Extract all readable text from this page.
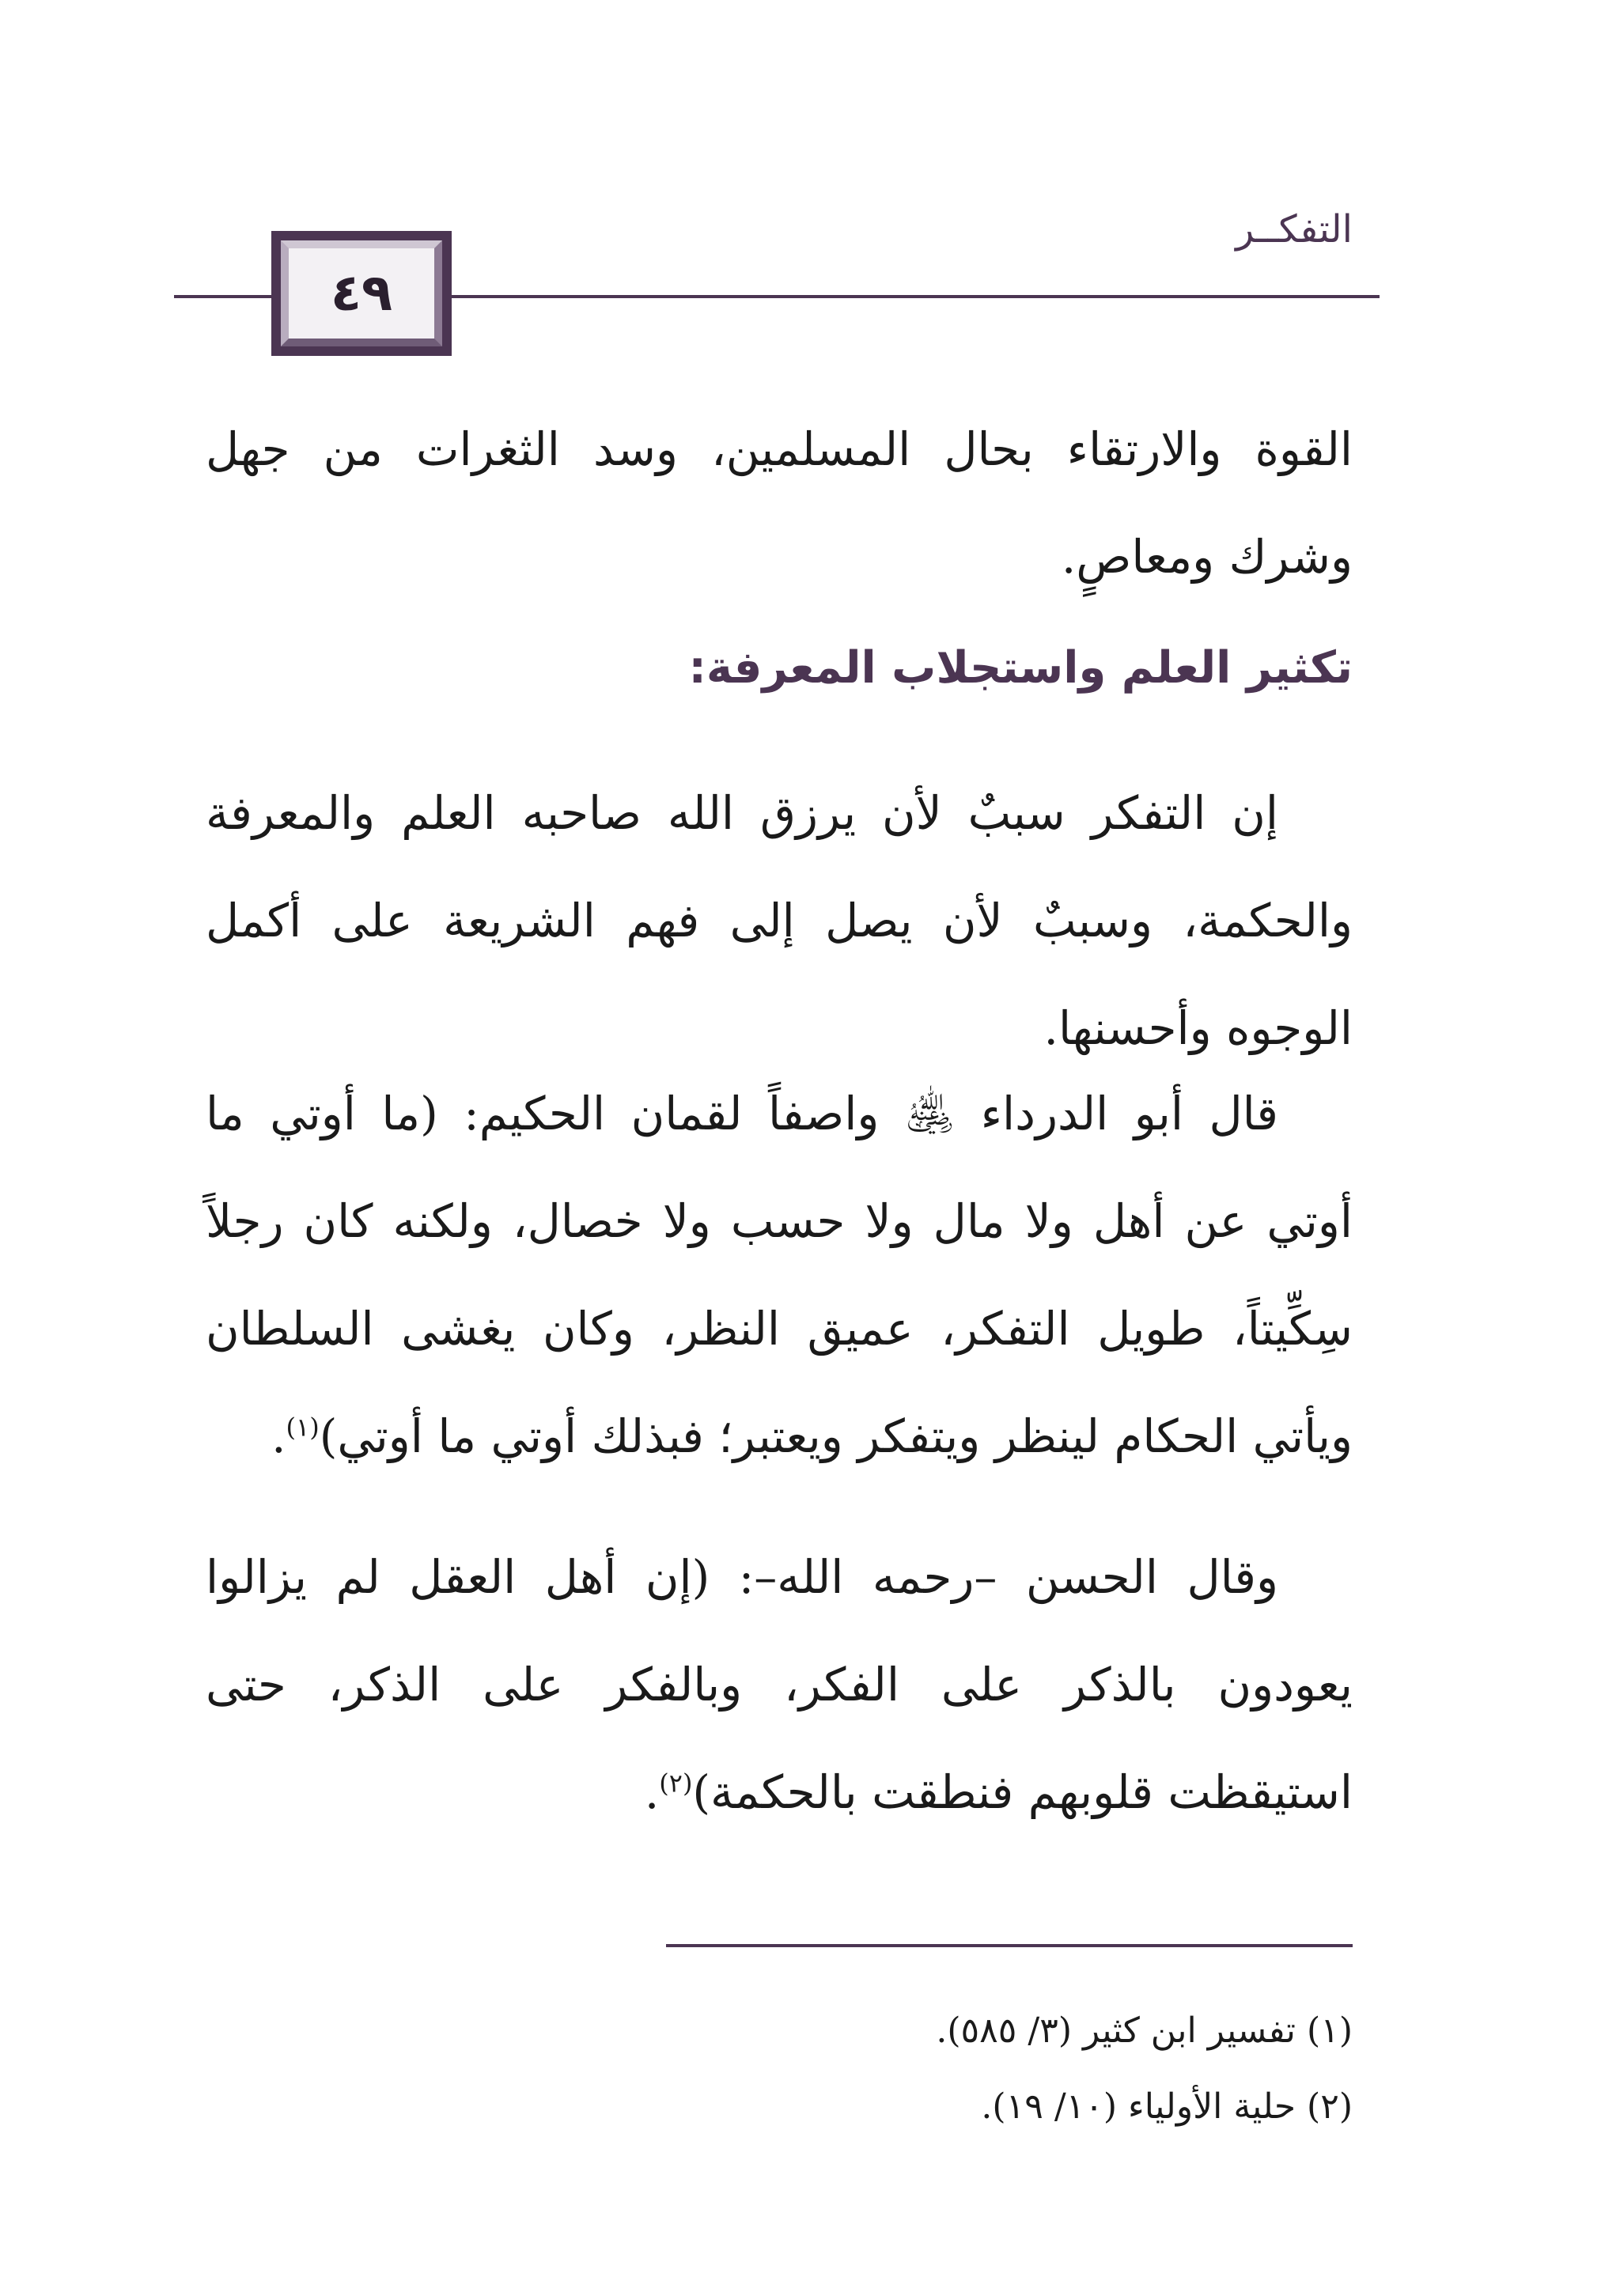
التفكــر
٤٩

القوة والارتقاء بحال المسلمين، وسد الثغرات من جهل وشرك ومعاصٍ.

تكثير العلم واستجلاب المعرفة:

إن التفكر سببٌ لأن يرزق الله صاحبه العلم والمعرفة والحكمة، وسببٌ لأن يصل إلى فهم الشريعة على أكمل الوجوه وأحسنها.

قال أبو الدرداء ﵁ واصفاً لقمان الحكيم: (ما أوتي ما أوتي عن أهل ولا مال ولا حسب ولا خصال، ولكنه كان رجلاً سِكِّيتاً، طويل التفكر، عميق النظر، وكان يغشى السلطان ويأتي الحكام لينظر ويتفكر ويعتبر؛ فبذلك أوتي ما أوتي)$^{(١)}$.

وقال الحسن –رحمه الله–: (إن أهل العقل لم يزالوا يعودون بالذكر على الفكر، وبالفكر على الذكر، حتى استيقظت قلوبهم فنطقت بالحكمة)$^{(٢)}$.

(١) تفسير ابن كثير (٣/ ٥٨٥).
(٢) حلية الأولياء (١٠/ ١٩).
